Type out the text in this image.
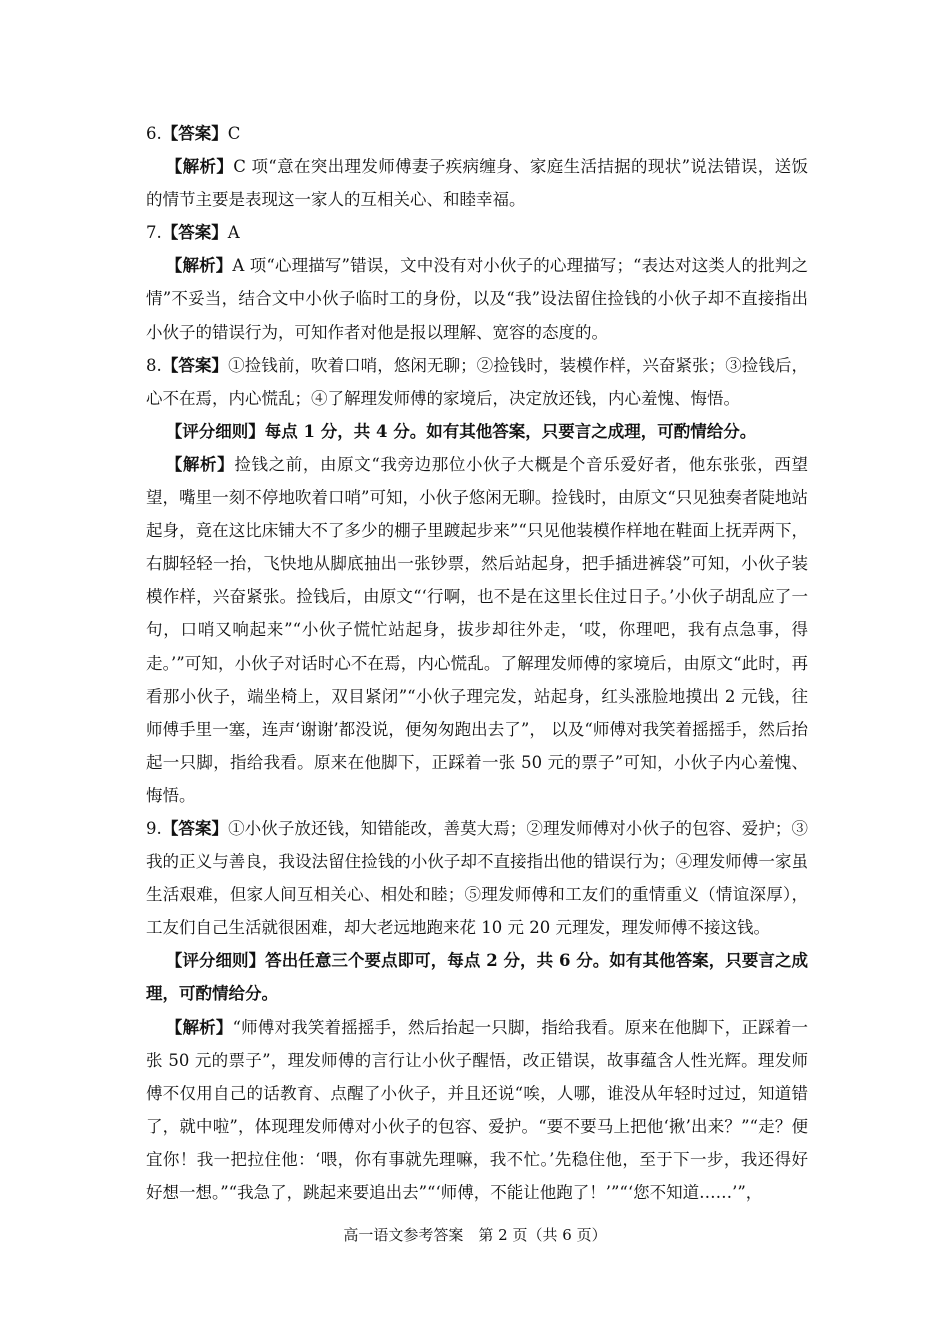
6.【答案】C

【解析】C 项“意在突出理发师傅妻子疾病缠身、家庭生活拮据的现状”说法错误，送饭的情节主要是表现这一家人的互相关心、和睦幸福。

7.【答案】A

【解析】A 项“心理描写”错误，文中没有对小伙子的心理描写；“表达对这类人的批判之情”不妥当，结合文中小伙子临时工的身份，以及“我”设法留住捡钱的小伙子却不直接指出小伙子的错误行为，可知作者对他是报以理解、宽容的态度的。

8.【答案】①捡钱前，吹着口哨，悠闲无聊；②捡钱时，装模作样，兴奋紧张；③捡钱后，心不在焉，内心慌乱；④了解理发师傅的家境后，决定放还钱，内心羞愧、悔悟。

【评分细则】每点 1 分，共 4 分。如有其他答案，只要言之成理，可酌情给分。

【解析】捡钱之前，由原文“我旁边那位小伙子大概是个音乐爱好者，他东张张，西望望，嘴里一刻不停地吹着口哨”可知，小伙子悠闲无聊。捡钱时，由原文“只见独奏者陡地站起身，竟在这比床铺大不了多少的棚子里踱起步来”“只见他装模作样地在鞋面上抚弄两下，右脚轻轻一抬，飞快地从脚底抽出一张钞票，然后站起身，把手插进裤袋”可知，小伙子装模作样，兴奋紧张。捡钱后，由原文“‘行啊，也不是在这里长住过日子。’小伙子胡乱应了一句，口哨又响起来”“小伙子慌忙站起身，拔步却往外走，‘哎，你理吧，我有点急事，得走。’”可知，小伙子对话时心不在焉，内心慌乱。了解理发师傅的家境后，由原文“此时，再看那小伙子，端坐椅上，双目紧闭”“小伙子理完发，站起身，红头涨脸地摸出 2 元钱，往师傅手里一塞，连声‘谢谢’都没说，便匆匆跑出去了”， 以及“师傅对我笑着摇摇手，然后抬起一只脚，指给我看。原来在他脚下，正踩着一张 50 元的票子”可知，小伙子内心羞愧、悔悟。

9.【答案】①小伙子放还钱，知错能改，善莫大焉；②理发师傅对小伙子的包容、爱护；③我的正义与善良，我设法留住捡钱的小伙子却不直接指出他的错误行为；④理发师傅一家虽生活艰难，但家人间互相关心、相处和睦；⑤理发师傅和工友们的重情重义（情谊深厚），工友们自己生活就很困难，却大老远地跑来花 10 元 20 元理发，理发师傅不接这钱。

【评分细则】答出任意三个要点即可，每点 2 分，共 6 分。如有其他答案，只要言之成理，可酌情给分。

【解析】“师傅对我笑着摇摇手，然后抬起一只脚，指给我看。原来在他脚下，正踩着一张 50 元的票子”，理发师傅的言行让小伙子醒悟，改正错误，故事蕴含人性光辉。理发师傅不仅用自己的话教育、点醒了小伙子，并且还说“唉，人哪，谁没从年轻时过过，知道错了，就中啦”，体现理发师傅对小伙子的包容、爱护。“要不要马上把他‘揪’出来？”“走？便宜你！我一把拉住他：‘喂，你有事就先理嘛，我不忙。’先稳住他，至于下一步，我还得好好想一想。”“我急了，跳起来要追出去”“‘师傅，不能让他跑了！’”“‘您不知道……’”，

高一语文参考答案　第 2 页（共 6 页）
